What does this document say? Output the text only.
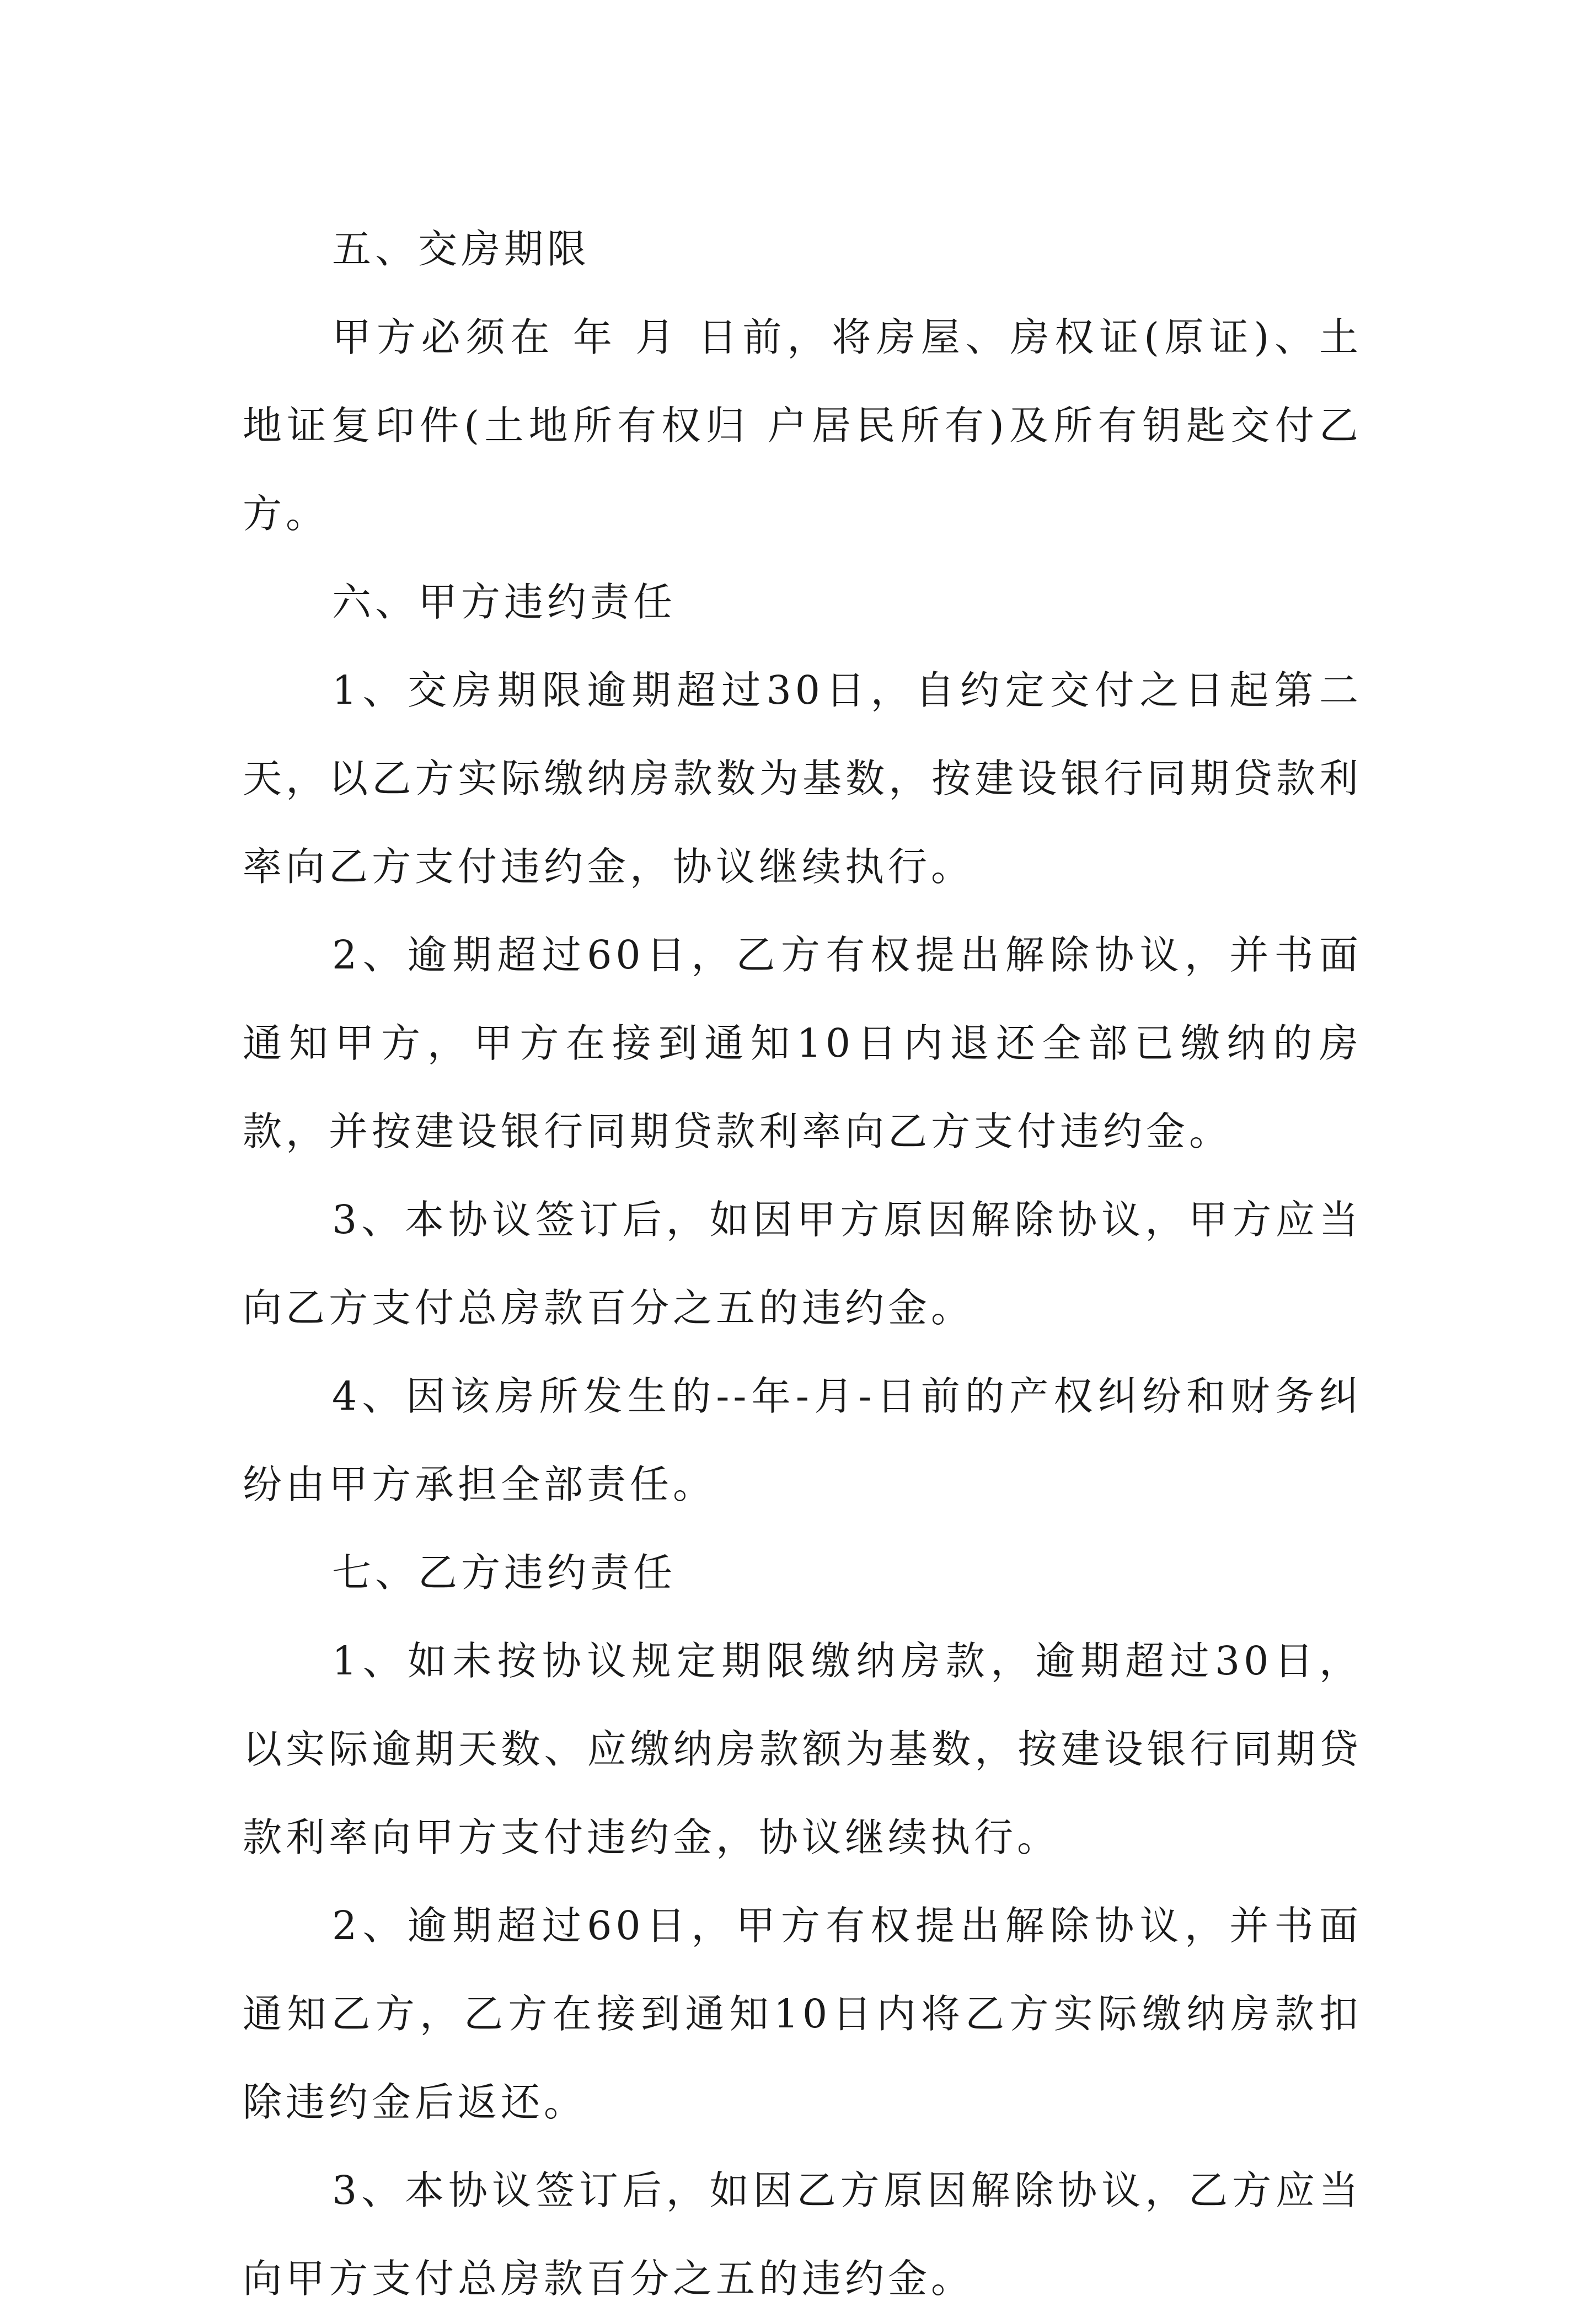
五、交房期限

甲方必须在 年 月 日前，将房屋、房权证(原证)、土地证复印件(土地所有权归 户居民所有)及所有钥匙交付乙方。

六、甲方违约责任

1、交房期限逾期超过30日，自约定交付之日起第二天，以乙方实际缴纳房款数为基数，按建设银行同期贷款利率向乙方支付违约金，协议继续执行。

2、逾期超过60日，乙方有权提出解除协议，并书面通知甲方，甲方在接到通知10日内退还全部已缴纳的房款，并按建设银行同期贷款利率向乙方支付违约金。

3、本协议签订后，如因甲方原因解除协议，甲方应当向乙方支付总房款百分之五的违约金。

4、因该房所发生的--年-月-日前的产权纠纷和财务纠纷由甲方承担全部责任。

七、乙方违约责任

1、如未按协议规定期限缴纳房款，逾期超过30日，以实际逾期天数、应缴纳房款额为基数，按建设银行同期贷款利率向甲方支付违约金，协议继续执行。

2、逾期超过60日，甲方有权提出解除协议，并书面通知乙方，乙方在接到通知10日内将乙方实际缴纳房款扣除违约金后返还。

3、本协议签订后，如因乙方原因解除协议，乙方应当向甲方支付总房款百分之五的违约金。
